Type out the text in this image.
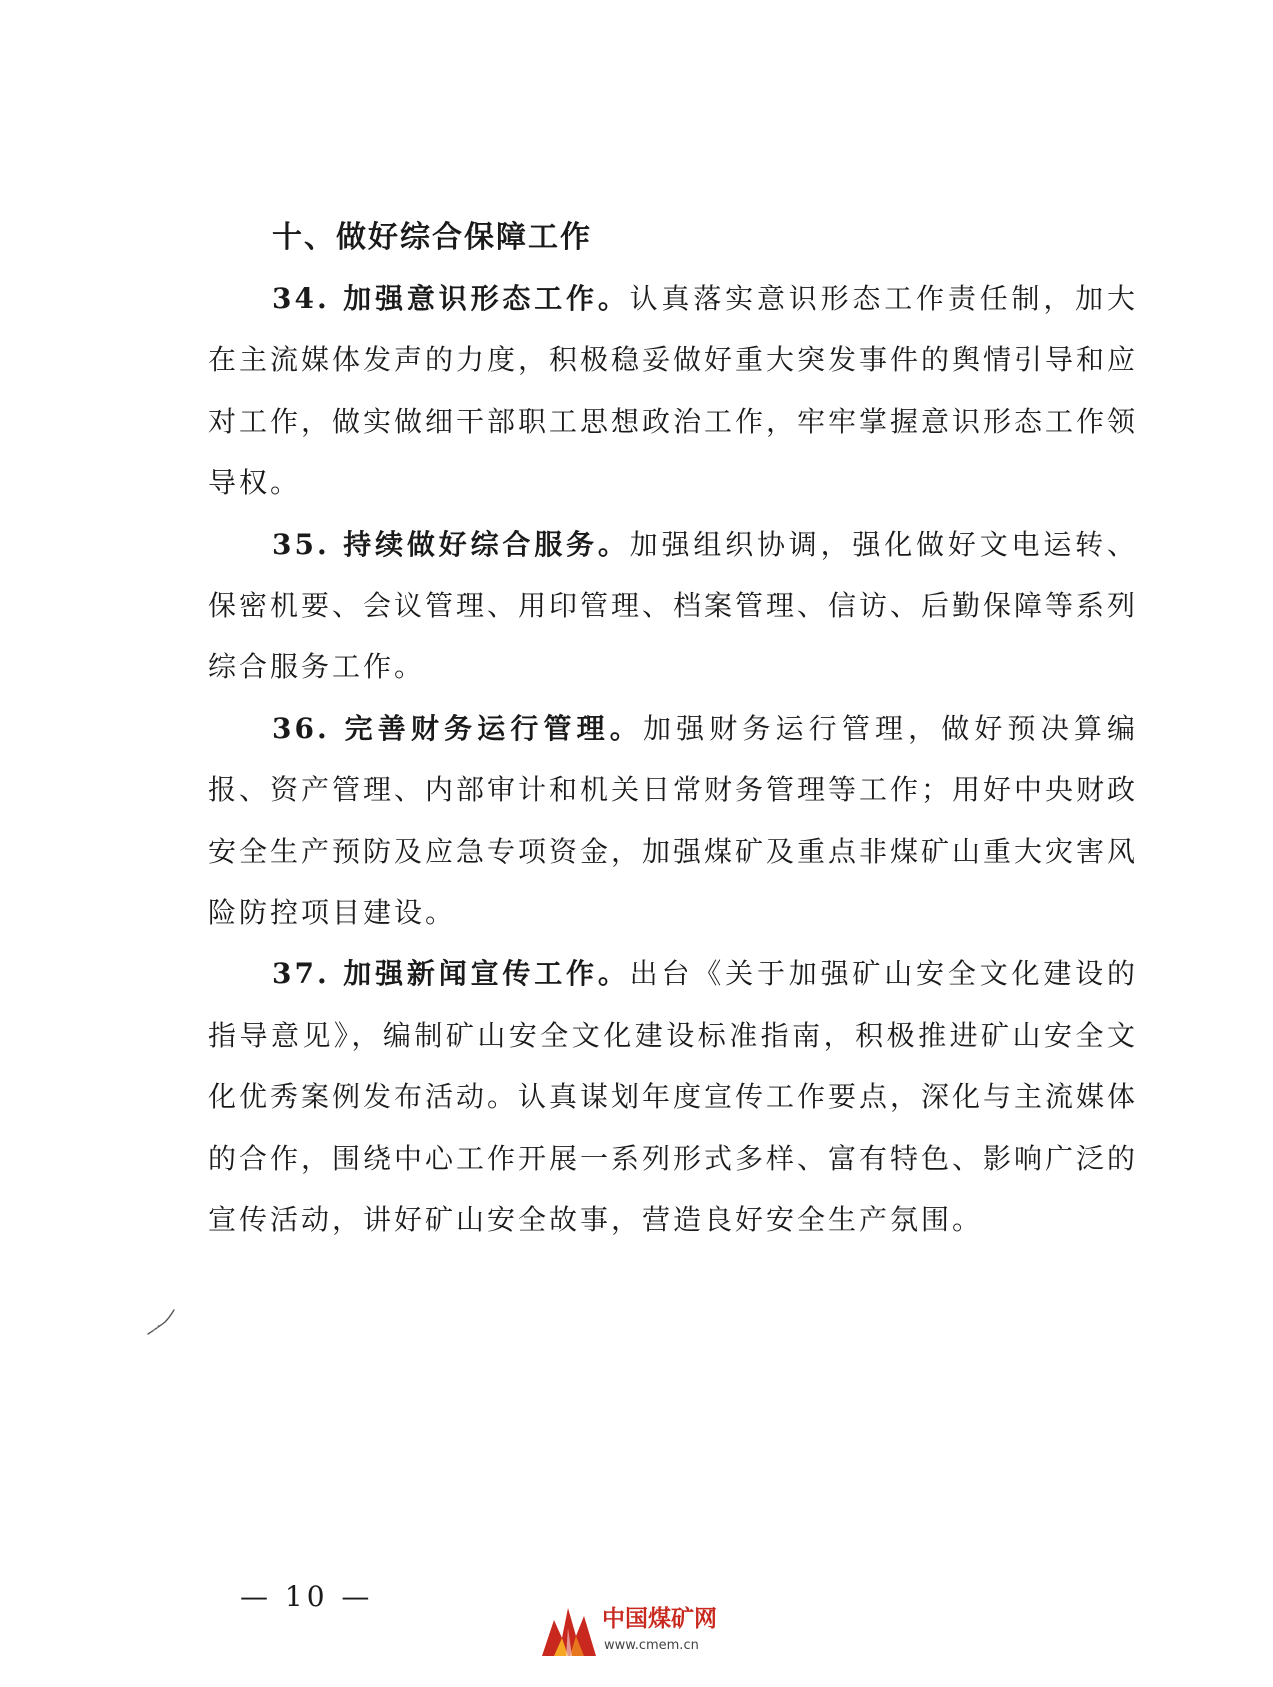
十、做好综合保障工作

34. 加强意识形态工作。认真落实意识形态工作责任制，加大在主流媒体发声的力度，积极稳妥做好重大突发事件的舆情引导和应对工作，做实做细干部职工思想政治工作，牢牢掌握意识形态工作领导权。

35. 持续做好综合服务。加强组织协调，强化做好文电运转、保密机要、会议管理、用印管理、档案管理、信访、后勤保障等系列综合服务工作。

36. 完善财务运行管理。加强财务运行管理，做好预决算编报、资产管理、内部审计和机关日常财务管理等工作；用好中央财政安全生产预防及应急专项资金，加强煤矿及重点非煤矿山重大灾害风险防控项目建设。

37. 加强新闻宣传工作。出台《关于加强矿山安全文化建设的指导意见》，编制矿山安全文化建设标准指南，积极推进矿山安全文化优秀案例发布活动。认真谋划年度宣传工作要点，深化与主流媒体的合作，围绕中心工作开展一系列形式多样、富有特色、影响广泛的宣传活动，讲好矿山安全故事，营造良好安全生产氛围。

— 10 —
中国煤矿网
www.cmem.cn
